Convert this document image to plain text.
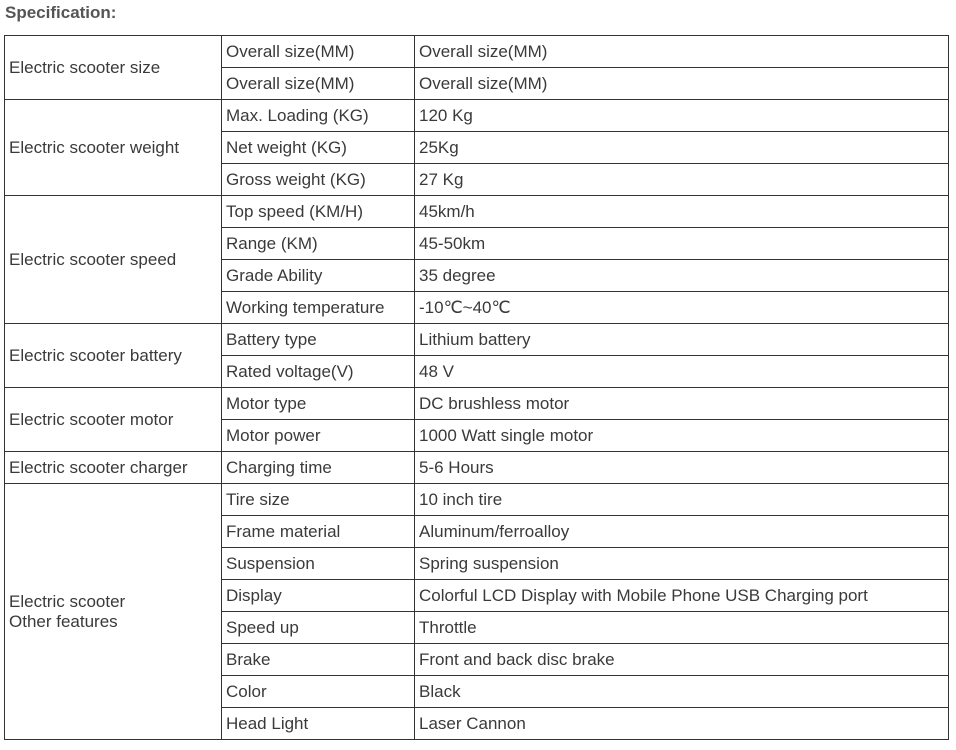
Specification:
Electric scooter size	Overall size(MM)	Overall size(MM)
	Overall size(MM)	Overall size(MM)

Electric scooter weight	Max. Loading (KG)	120 Kg
	Net weight (KG)	25Kg
	Gross weight (KG)	27 Kg

Electric scooter speed	Top speed (KM/H)	45km/h
	Range (KM)	45-50km
	Grade Ability	35 degree
	Working temperature	-10℃~40℃

Electric scooter battery	Battery type	Lithium battery
	Rated voltage(V)	48 V

Electric scooter motor	Motor type	DC brushless motor
	Motor power	1000 Watt single motor

Electric scooter charger	Charging time	5-6 Hours

Electric scooter
Other features	Tire size	10 inch tire
	Frame material	Aluminum/ferroalloy
	Suspension	Spring suspension
	Display	Colorful LCD Display with Mobile Phone USB Charging port
	Speed up	Throttle
	Brake	Front and back disc brake
	Color	Black
	Head Light	Laser Cannon
